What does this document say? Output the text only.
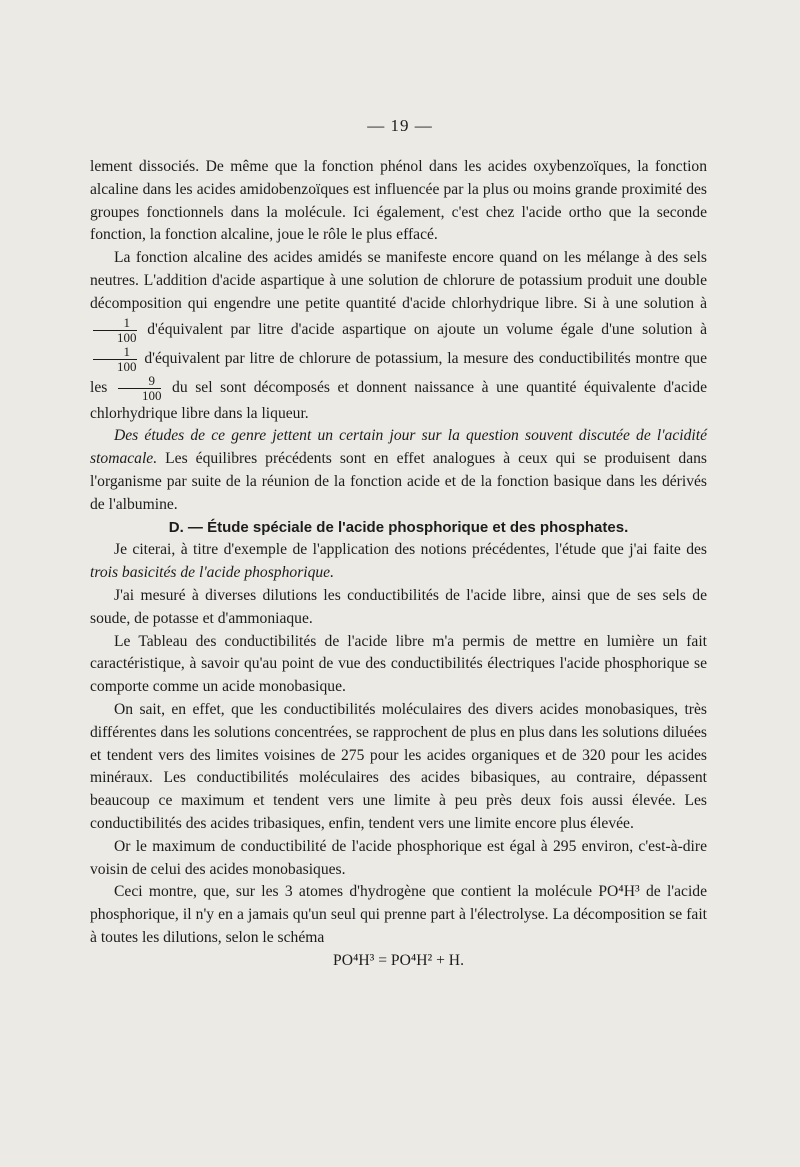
— 19 —

lement dissociés. De même que la fonction phénol dans les acides oxybenzoïques, la fonction alcaline dans les acides amidobenzoïques est influencée par la plus ou moins grande proximité des groupes fonctionnels dans la molécule. Ici également, c'est chez l'acide ortho que la seconde fonction, la fonction alcaline, joue le rôle le plus effacé.

La fonction alcaline des acides amidés se manifeste encore quand on les mélange à des sels neutres. L'addition d'acide aspartique à une solution de chlorure de potassium produit une double décomposition qui engendre une petite quantité d'acide chlorhydrique libre. Si à une solution à
$\frac{1}{100}$ d'équivalent par litre d'acide aspartique on ajoute un volume égale d'une solution à
$\frac{1}{100}$ d'équivalent par litre de chlorure de potassium, la mesure des conductibilités montre que les $\frac{9}{100}$ du sel sont décomposés et donnent naissance à une quantité équivalente d'acide chlorhydrique libre dans la liqueur.

Des études de ce genre jettent un certain jour sur la question souvent discutée de l'acidité stomacale. Les équilibres précédents sont en effet analogues à ceux qui se produisent dans l'organisme par suite de la réunion de la fonction acide et de la fonction basique dans les dérivés de l'albumine.

D. — Étude spéciale de l'acide phosphorique et des phosphates.

Je citerai, à titre d'exemple de l'application des notions précédentes, l'étude que j'ai faite des trois basicités de l'acide phosphorique.

J'ai mesuré à diverses dilutions les conductibilités de l'acide libre, ainsi que de ses sels de soude, de potasse et d'ammoniaque.

Le Tableau des conductibilités de l'acide libre m'a permis de mettre en lumière un fait caractéristique, à savoir qu'au point de vue des conductibilités électriques l'acide phosphorique se comporte comme un acide monobasique.

On sait, en effet, que les conductibilités moléculaires des divers acides monobasiques, très différentes dans les solutions concentrées, se rapprochent de plus en plus dans les solutions diluées et tendent vers des limites voisines de 275 pour les acides organiques et de 320 pour les acides minéraux. Les conductibilités moléculaires des acides bibasiques, au contraire, dépassent beaucoup ce maximum et tendent vers une limite à peu près deux fois aussi élevée. Les conductibilités des acides tribasiques, enfin, tendent vers une limite encore plus élevée.

Or le maximum de conductibilité de l'acide phosphorique est égal à 295 environ, c'est-à-dire voisin de celui des acides monobasiques.

Ceci montre, que, sur les 3 atomes d'hydrogène que contient la molécule PO⁴H³ de l'acide phosphorique, il n'y en a jamais qu'un seul qui prenne part à l'électrolyse. La décomposition se fait à toutes les dilutions, selon le schéma

PO⁴H³ = PO⁴H² + H.
